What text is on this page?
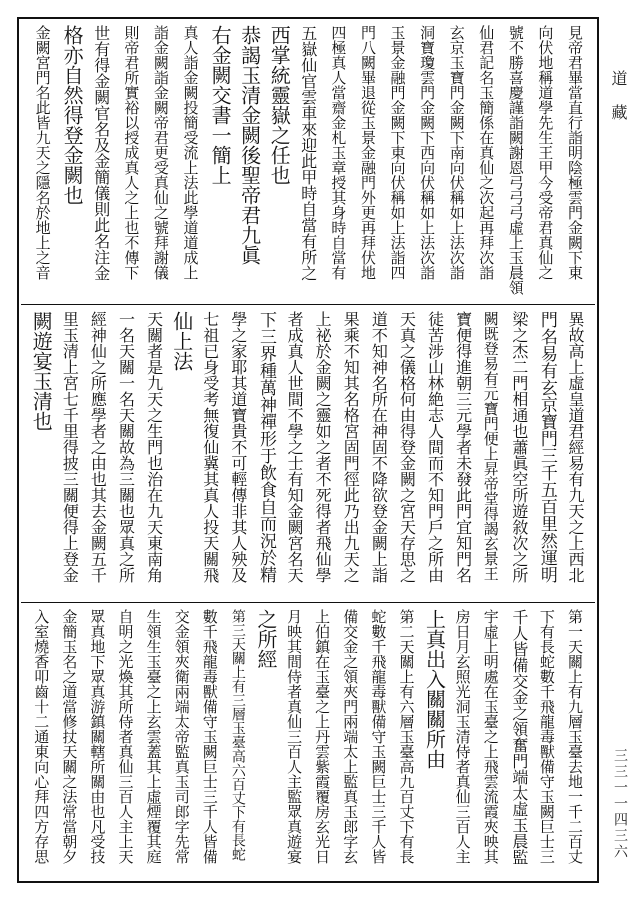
見帝君畢當直行詣明陰極雲門金闕下東
向伏地稱道學先生王甲今受帝君真仙之
號不勝喜慶謹詣闕謝恩弓弓弓虛上玉晨領
仙君記名玉簡係在真仙之次起再拜次詣
玄京玉寶門金闕下南向伏稱如上法次詣
洞寶瓊雲門金闕下西向伏稱如上法次詣
玉景金融門金闕下東向伏稱如上法詣四
門八闕畢退從玉景金融門外更再拜伏地
四極真人當齋金札玉章授其身時自當有
五嶽仙官雲車來迎此甲時自當有所之
西掌統靈嶽之任也
恭謁玉清金闕後聖帝君九眞
右金闕交書一簡上
真人詣金闕投簡受流上法此學道道成上
詣金闕詣金闕帝君更受真仙之號拜謝儀
則帝君所實裕以授成真人之上也不傳下
世有得金闕官名及金簡儀則此名注金
格亦自然得登金闕也
金闕宮門名此皆九天之隱名於地上之音
異故高上虛皇道君經易有九天之上西北
門名易有玄京寶門三千五百里然運明
梁之杰二門相通也蕭眞空所遊敘次之所
闕既登易有元寶門便上昇帝堂得謁玄景王
寶便得進朝三元學者未發此門宜知門名
徒苦涉山林絶志人間而不知門戶之所由
天真之儀格何由得登金闕之宮天存思之
道不知神名所在神固不降欲登金闕上詣
果乘不知其名格宮固門徑此乃出九天之
上祕於金闕之靈如之者不死得者飛仙學
者成真人世間不學之士有知金闕宮名天
下三界種萬神禪形于飲食自而況於精
學之家耶其道寶貴不可輕傳非其人殃及
七祖已身受考無復仙冀其真人投天關飛
仙上法
天關者是九天之生門也治在九天東南角
一名天關一名天關故為三關也眾真之所
經神仙之所應學者之由也其去金闕五千
里玉清上宮七千里得披三關便得上登金
闕遊宴玉清也
第一天關上有九層玉臺去地一千二百丈
下有長蛇數千飛龍毒獸備守玉闕巨士三
千人皆備交金之領奮門端太虛玉晨監
宇虛上明處在玉臺之上飛雲流霞夾映其
房日月玄照光洞玉清侍者真仙三百人主
上真出入關關所由
第二天關上有六層玉臺高九百丈下有長
蛇數千飛龍毒獸備守玉闕巨士三千人皆
備交金之領夾門兩端太上監真玉郎字玄
上伯鎮在玉臺之上丹雲紫霞覆房玄光日
月映其間侍者真仙三百人主監眾真遊宴
之所經
第三天關上有三層玉臺高六百丈下有長蛇
數千飛龍毒獸備守玉闕巨士三千人皆備
交金領夾衛兩端太帝監真玉司郎字先常
生領生玉臺之上玄雲蓋其上虛煙覆其庭
自明之光煥其所侍者真仙三百人主上天
眾真地下眾真游鎮關轄所關由也凡受技
金簡玉名之道當修扙天關之法常當朝夕
入室燒香叩齒十二通東向心拜四方存思
道藏
三三一一四三六
